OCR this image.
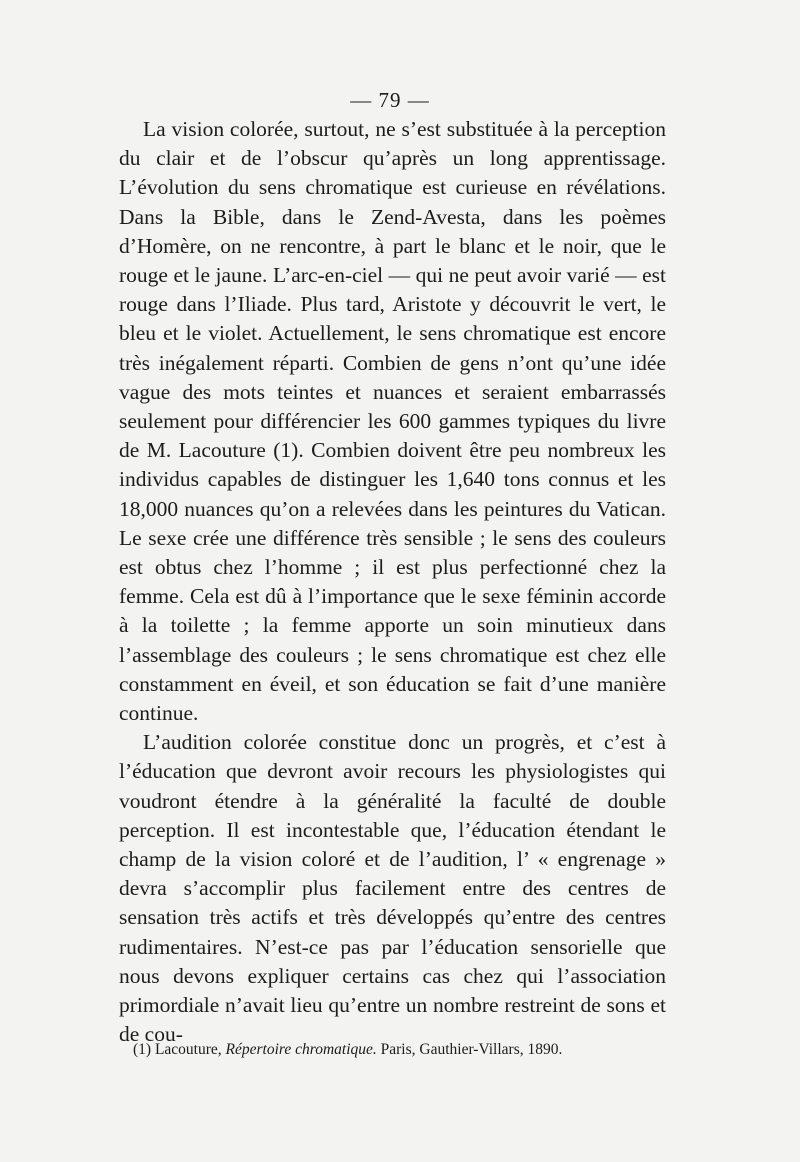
— 79 —

La vision colorée, surtout, ne s’est substituée à la perception du clair et de l’obscur qu’après un long apprentissage. L’évolution du sens chromatique est curieuse en révélations. Dans la Bible, dans le Zend-Avesta, dans les poèmes d’Homère, on ne rencontre, à part le blanc et le noir, que le rouge et le jaune. L’arc-en-ciel — qui ne peut avoir varié — est rouge dans l’Iliade. Plus tard, Aristote y découvrit le vert, le bleu et le violet. Actuellement, le sens chromatique est encore très inégalement réparti. Combien de gens n’ont qu’une idée vague des mots teintes et nuances et seraient embarrassés seulement pour différencier les 600 gammes typiques du livre de M. Lacouture (1). Combien doivent être peu nombreux les individus capables de distinguer les 1,640 tons connus et les 18,000 nuances qu’on a relevées dans les peintures du Vatican. Le sexe crée une différence très sensible ; le sens des couleurs est obtus chez l’homme ; il est plus perfectionné chez la femme. Cela est dû à l’importance que le sexe féminin accorde à la toilette ; la femme apporte un soin minutieux dans l’assemblage des couleurs ; le sens chromatique est chez elle constamment en éveil, et son éducation se fait d’une manière continue.

L’audition colorée constitue donc un progrès, et c’est à l’éducation que devront avoir recours les physiologistes qui voudront étendre à la généralité la faculté de double perception. Il est incontestable que, l’éducation étendant le champ de la vision coloré et de l’audition, l’ « engrenage » devra s’accomplir plus facilement entre des centres de sensation très actifs et très développés qu’entre des centres rudimentaires. N’est-ce pas par l’éducation sensorielle que nous devons expliquer certains cas chez qui l’association primordiale n’avait lieu qu’entre un nombre restreint de sons et de cou-

(1) Lacouture, Répertoire chromatique. Paris, Gauthier-Villars, 1890.
